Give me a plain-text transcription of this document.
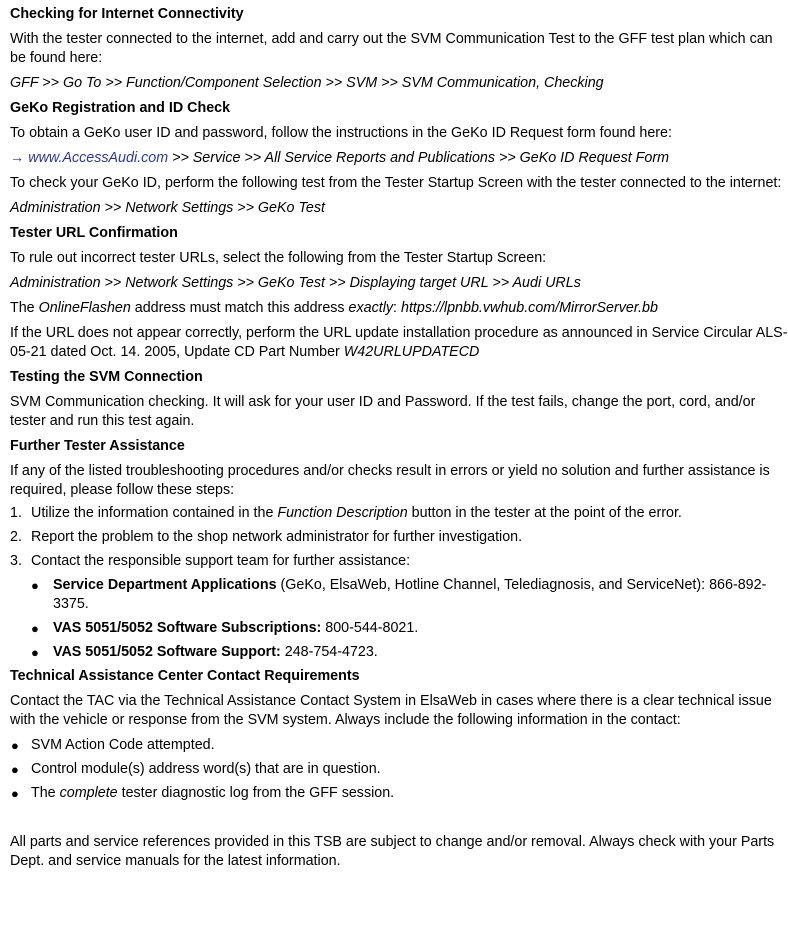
Checking for Internet Connectivity

With the tester connected to the internet, add and carry out the SVM Communication Test to the GFF test plan which can be found here:

GFF >> Go To >> Function/Component Selection >> SVM >> SVM Communication, Checking

GeKo Registration and ID Check

To obtain a GeKo user ID and password, follow the instructions in the GeKo ID Request form found here:

→ www.AccessAudi.com >> Service >> All Service Reports and Publications >> GeKo ID Request Form

To check your GeKo ID, perform the following test from the Tester Startup Screen with the tester connected to the internet:

Administration >> Network Settings >> GeKo Test

Tester URL Confirmation

To rule out incorrect tester URLs, select the following from the Tester Startup Screen:

Administration >> Network Settings >> GeKo Test >> Displaying target URL >> Audi URLs

The OnlineFlashen address must match this address exactly: https://lpnbb.vwhub.com/MirrorServer.bb

If the URL does not appear correctly, perform the URL update installation procedure as announced in Service Circular ALS-05-21 dated Oct. 14. 2005, Update CD Part Number W42URLUPDATECD

Testing the SVM Connection

SVM Communication checking. It will ask for your user ID and Password. If the test fails, change the port, cord, and/or tester and run this test again.

Further Tester Assistance

If any of the listed troubleshooting procedures and/or checks result in errors or yield no solution and further assistance is required, please follow these steps:

1. Utilize the information contained in the Function Description button in the tester at the point of the error.
2. Report the problem to the shop network administrator for further investigation.
3. Contact the responsible support team for further assistance:
● Service Department Applications (GeKo, ElsaWeb, Hotline Channel, Telediagnosis, and ServiceNet): 866-892-3375.
● VAS 5051/5052 Software Subscriptions: 800-544-8021.
● VAS 5051/5052 Software Support: 248-754-4723.
Technical Assistance Center Contact Requirements

Contact the TAC via the Technical Assistance Contact System in ElsaWeb in cases where there is a clear technical issue with the vehicle or response from the SVM system. Always include the following information in the contact:

● SVM Action Code attempted.
● Control module(s) address word(s) that are in question.
● The complete tester diagnostic log from the GFF session.

All parts and service references provided in this TSB are subject to change and/or removal. Always check with your Parts Dept. and service manuals for the latest information.
